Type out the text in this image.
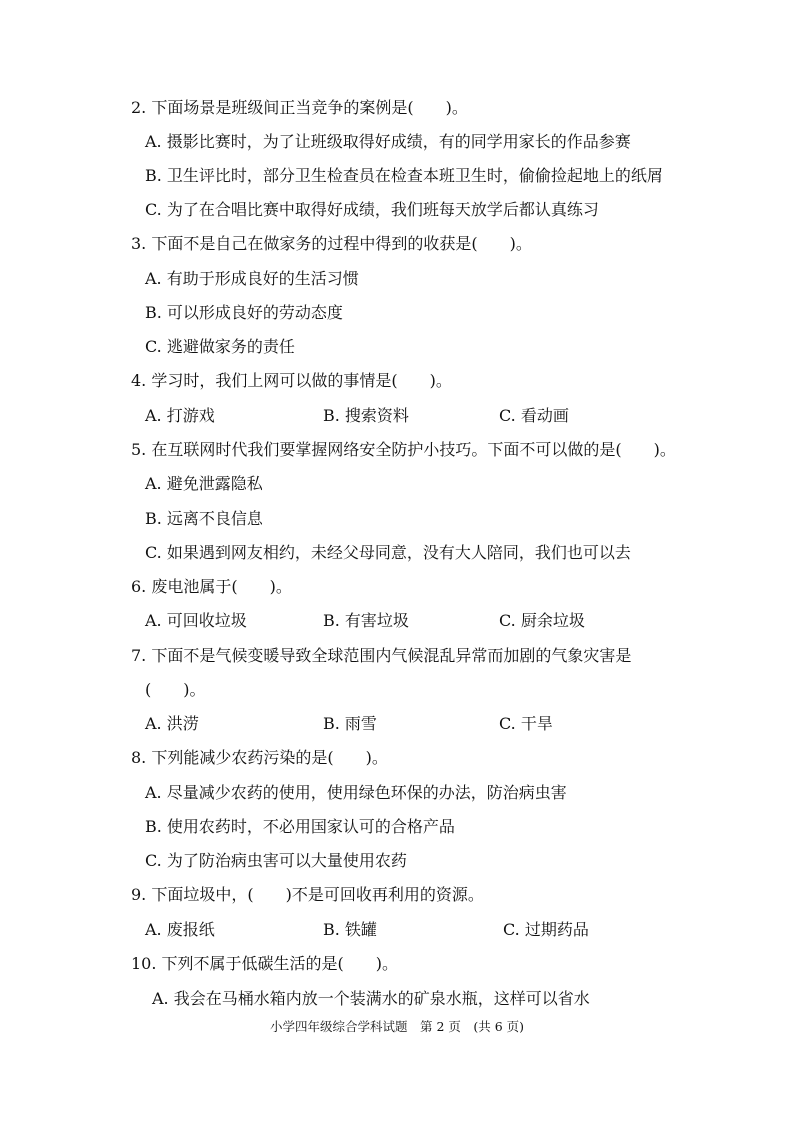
2. 下面场景是班级间正当竞争的案例是(　　)。
A. 摄影比赛时，为了让班级取得好成绩，有的同学用家长的作品参赛
B. 卫生评比时，部分卫生检查员在检查本班卫生时，偷偷捡起地上的纸屑
C. 为了在合唱比赛中取得好成绩，我们班每天放学后都认真练习
3. 下面不是自己在做家务的过程中得到的收获是(　　)。
A. 有助于形成良好的生活习惯
B. 可以形成良好的劳动态度
C. 逃避做家务的责任
4. 学习时，我们上网可以做的事情是(　　)。
A. 打游戏	B. 搜索资料	C. 看动画
5. 在互联网时代我们要掌握网络安全防护小技巧。下面不可以做的是(　　)。
A. 避免泄露隐私
B. 远离不良信息
C. 如果遇到网友相约，未经父母同意，没有大人陪同，我们也可以去
6. 废电池属于(　　)。
A. 可回收垃圾	B. 有害垃圾	C. 厨余垃圾
7. 下面不是气候变暖导致全球范围内气候混乱异常而加剧的气象灾害是
(　　)。
A. 洪涝	B. 雨雪	C. 干旱
8. 下列能减少农药污染的是(　　)。
A. 尽量减少农药的使用，使用绿色环保的办法，防治病虫害
B. 使用农药时，不必用国家认可的合格产品
C. 为了防治病虫害可以大量使用农药
9. 下面垃圾中，(　　)不是可回收再利用的资源。
A. 废报纸	B. 铁罐	C. 过期药品
10. 下列不属于低碳生活的是(　　)。
A. 我会在马桶水箱内放一个装满水的矿泉水瓶，这样可以省水
小学四年级综合学科试题　第 2 页　(共 6 页)
